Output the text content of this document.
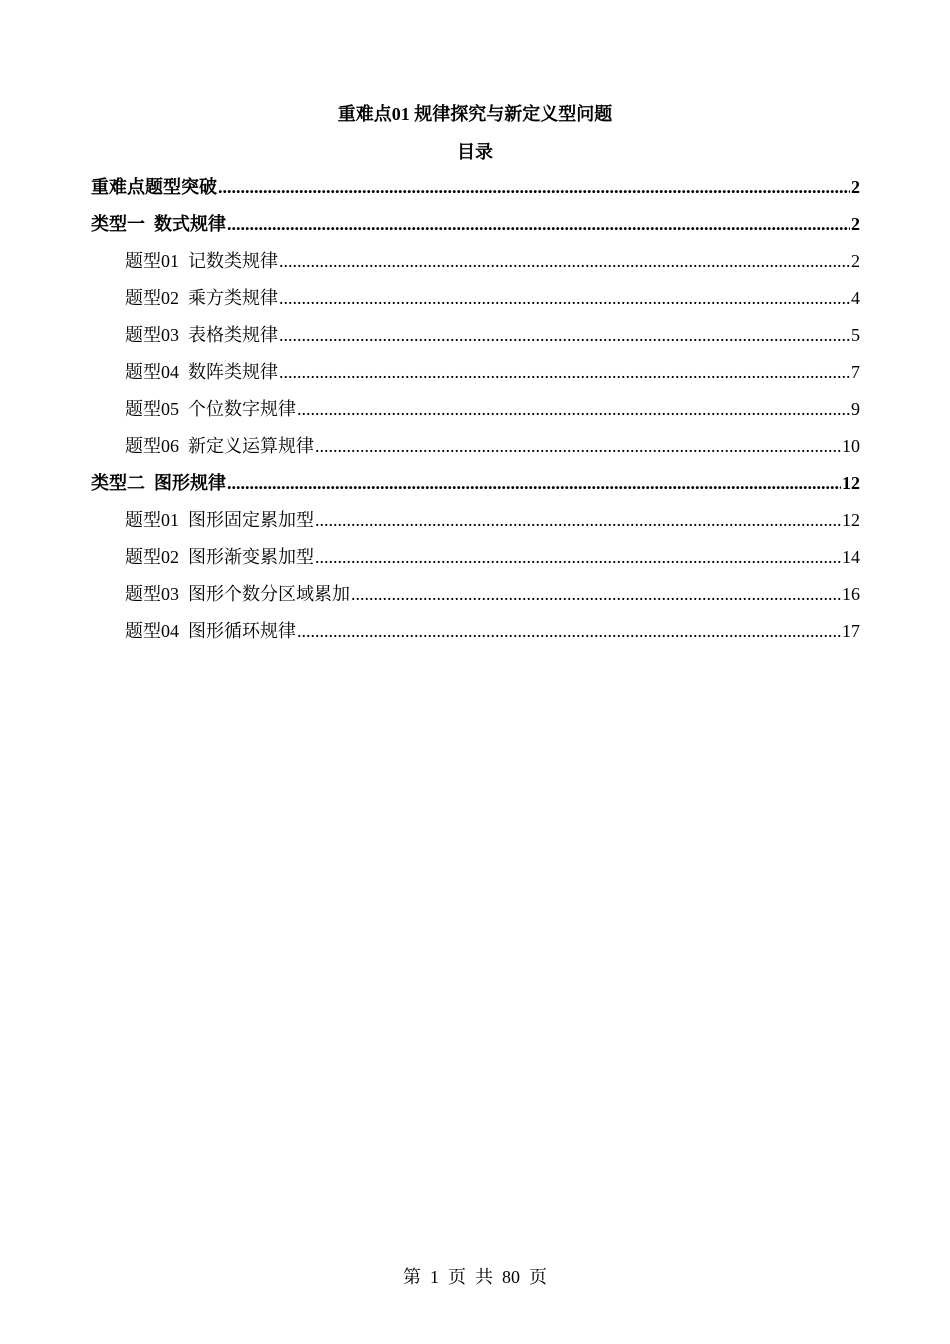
重难点01 规律探究与新定义型问题
目录
重难点题型突破 .....	2
类型一  数式规律 .....	2
题型01  记数类规律 .....	2
题型02  乘方类规律 .....	4
题型03  表格类规律 .....	5
题型04  数阵类规律 .....	7
题型05  个位数字规律 .....	9
题型06  新定义运算规律 .....	10
类型二  图形规律 .....	12
题型01  图形固定累加型 .....	12
题型02  图形渐变累加型 .....	14
题型03  图形个数分区域累加 .....	16
题型04  图形循环规律 .....	17
第  1  页  共  80  页
